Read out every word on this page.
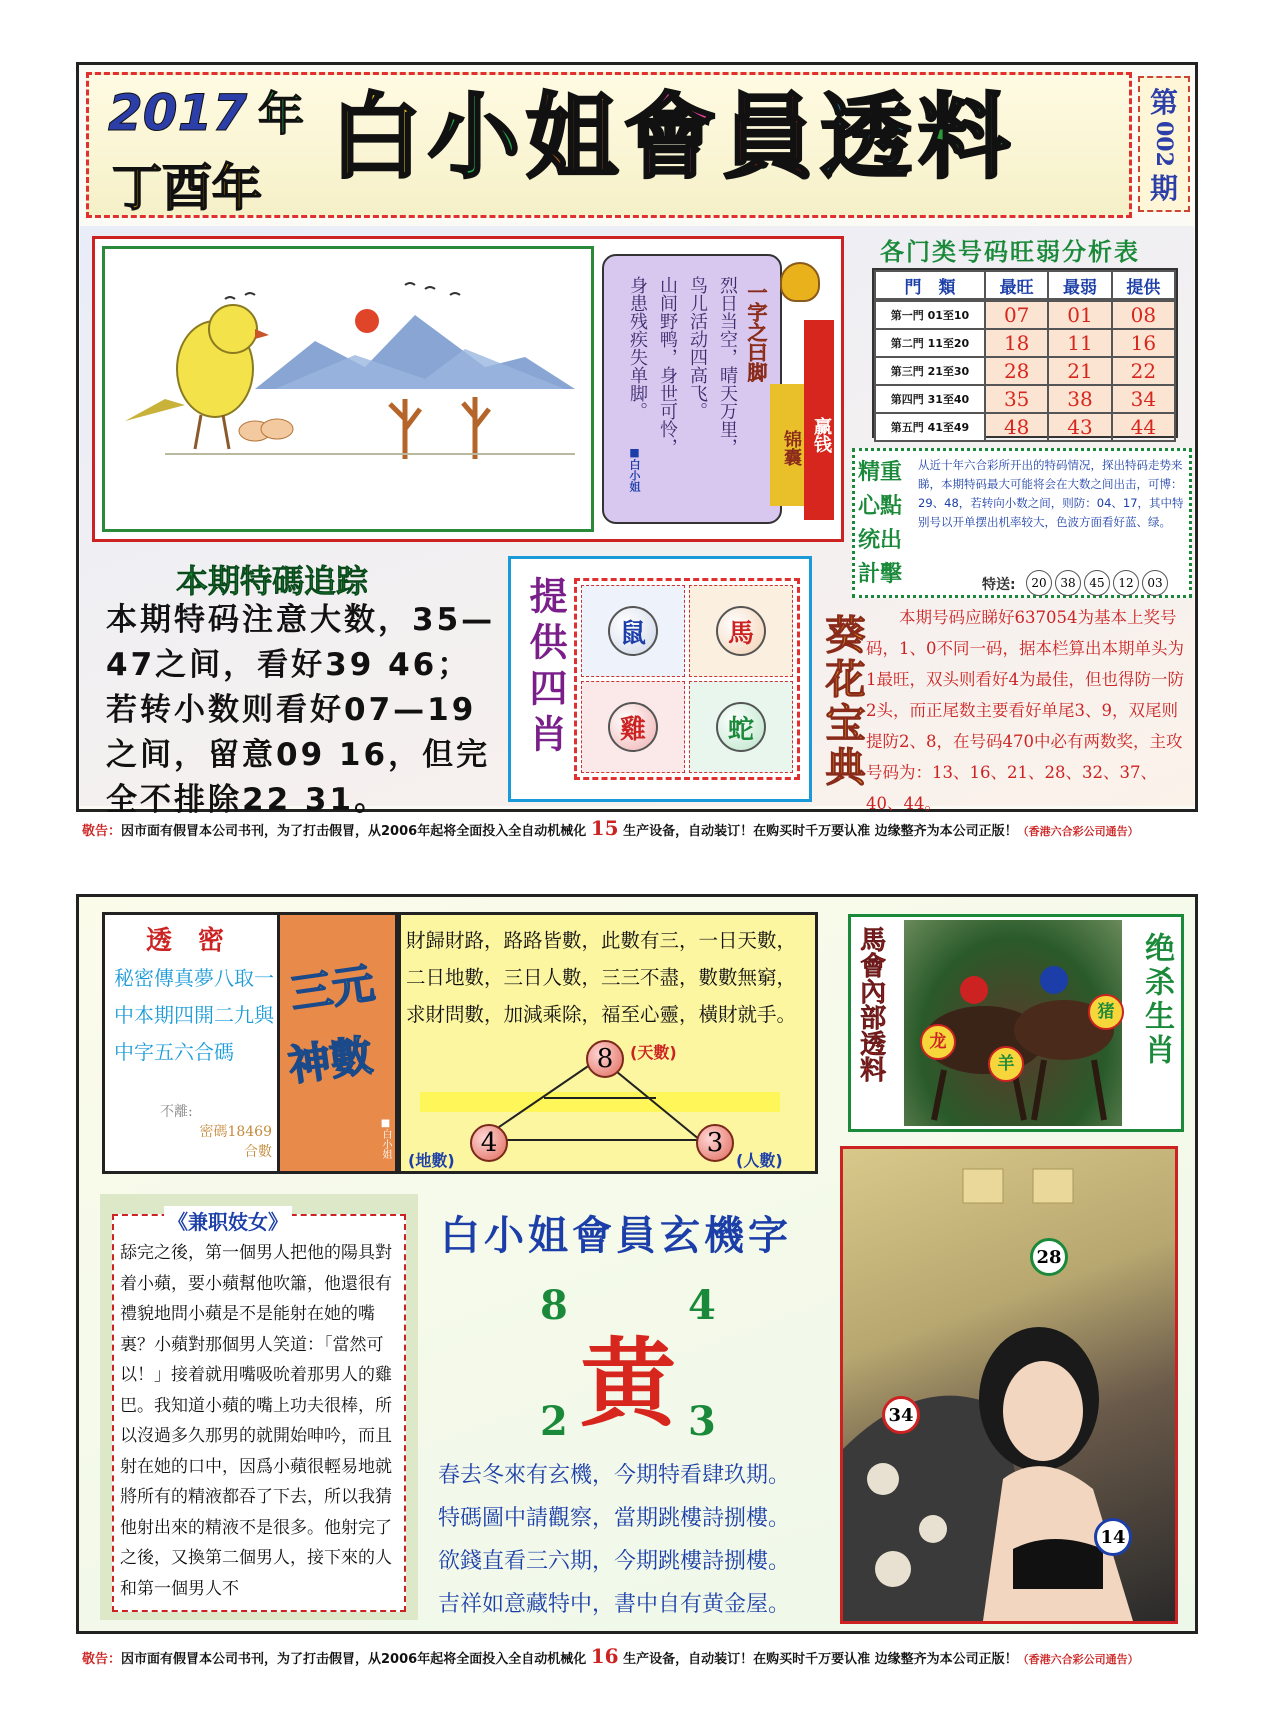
2017 年
丁酉年 白 小 姐 會 員 透 料	第
002
期
一字之曰脚
烈日当空，晴天万里，
鸟儿活动四高飞。
山间野鸭，身世可怜，
身患残疾失单脚。
■白小姐	锦囊 赢钱
各门类号码旺弱分析表
門　類	最旺	最弱	提供
第一門 01至10	07	01	08
第二門 11至20	18	11	16
第三門 21至30	28	21	22
第四門 31至40	35	38	34
第五門 41至49	48	43	44
精重
心點
统出
計擊
从近十年六合彩所开出的特码情况，探出特码走势来睇，本期特码最大可能将会在大数之间出击，可博：29、48，若转向小数之间，则防：04、17，其中特别号以开单摆出机率较大，色波方面看好蓝、绿。
特送:	20	38	45	12	03
本期特碼追踪
本期特码注意大数，35—47之间，看好39 46；若转小数则看好07—19之间，留意09 16，但完全不排除22 31。
提供四肖	鼠	馬
雞	蛇	葵花宝典	本期号码应睇好637054为基本上奖号码，1、0不同一码，据本栏算出本期单头为1最旺，双头则看好4为最佳，但也得防一防2头，而正尾数主要看好单尾3、9，双尾则提防2、8，在号码470中必有两数奖，主攻号码为：13、16、21、28、32、37、40、44。
敬告：因市面有假冒本公司书刊，为了打击假冒，从2006年起将全面投入全自动机械化 15 生产设备，自动装订！在购买时千万要认准 边缘整齐为本公司正版！（香港六合彩公司通告）
透　密
秘密傳真夢八取一中本期四開二九與中字五六合碼
不離:
密碼18469
合數
三元
神數
■白小姐
財歸財路，路路皆數，此數有三，一日天數，二日地數，三日人數，三三不盡，數數無窮，求財問數，加減乘除，福至心靈，橫財就手。
8	(天數)
4
(地數)
3
(人數)
龙
羊
猪
馬會內部透料	绝杀生肖
《兼职妓女》
舔完之後，第一個男人把他的陽具對着小蘋，要小蘋幫他吹簫，他還很有禮貌地問小蘋是不是能射在她的嘴裏？小蘋對那個男人笑道：「當然可以！」接着就用嘴吸吮着那男人的雞巴。我知道小蘋的嘴上功夫很棒，所以沒過多久那男的就開始呻吟，而且射在她的口中，因爲小蘋很輕易地就將所有的精液都吞了下去，所以我猜他射出來的精液不是很多。他射完了之後，又換第二個男人，接下來的人和第一個男人不
白小姐會員玄機字
8	4
黄
2	3
春去冬來有玄機，今期特看肆玖期。
特碼圖中請觀察，當期跳樓詩捌樓。
欲錢直看三六期，今期跳樓詩捌樓。
吉祥如意藏特中，書中自有黄金屋。
28
34
14
敬告：因市面有假冒本公司书刊，为了打击假冒，从2006年起将全面投入全自动机械化 16 生产设备，自动装订！在购买时千万要认准 边缘整齐为本公司正版！（香港六合彩公司通告）
